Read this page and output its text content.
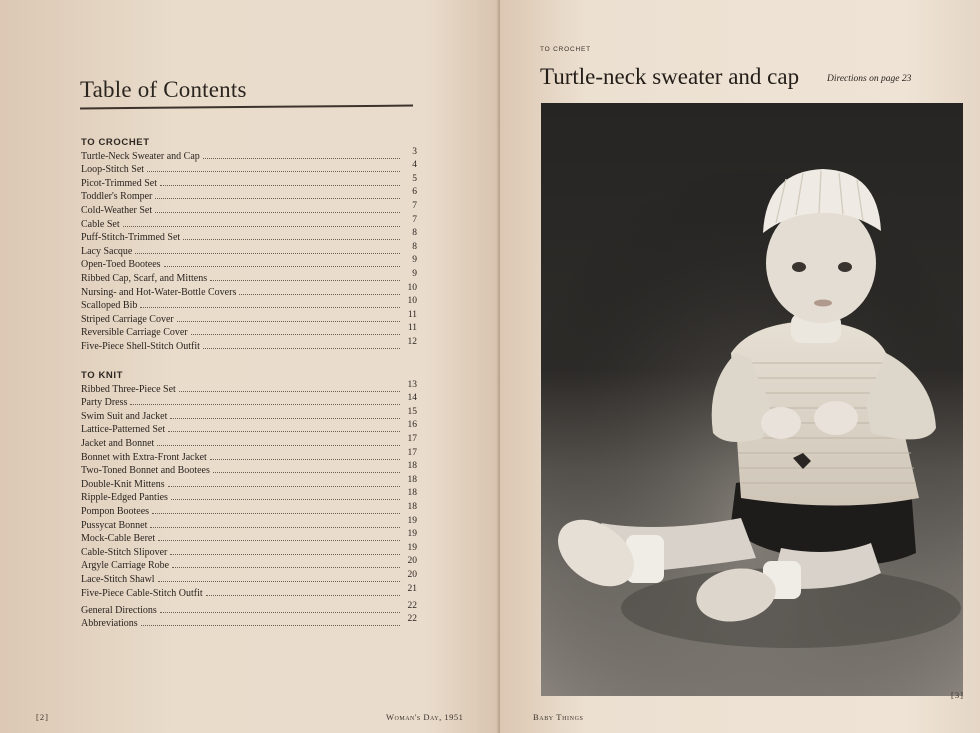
Table of Contents
TO CROCHET
Turtle-Neck Sweater and Cap	3
Loop-Stitch Set	4
Picot-Trimmed Set	5
Toddler's Romper	6
Cold-Weather Set	7
Cable Set	7
Puff-Stitch-Trimmed Set	8
Lacy Sacque	8
Open-Toed Bootees	9
Ribbed Cap, Scarf, and Mittens	9
Nursing- and Hot-Water-Bottle Covers	10
Scalloped Bib	10
Striped Carriage Cover	11
Reversible Carriage Cover	11
Five-Piece Shell-Stitch Outfit	12
TO KNIT
Ribbed Three-Piece Set	13
Party Dress	14
Swim Suit and Jacket	15
Lattice-Patterned Set	16
Jacket and Bonnet	17
Bonnet with Extra-Front Jacket	17
Two-Toned Bonnet and Bootees	18
Double-Knit Mittens	18
Ripple-Edged Panties	18
Pompon Bootees	18
Pussycat Bonnet	19
Mock-Cable Beret	19
Cable-Stitch Slipover	19
Argyle Carriage Robe	20
Lace-Stitch Shawl	20
Five-Piece Cable-Stitch Outfit	21
General Directions	22
Abbreviations	22
[2]	Woman's Day, 1951
TO CROCHET
Turtle-neck sweater and cap	Directions on page 23
Baby Things
[3]
